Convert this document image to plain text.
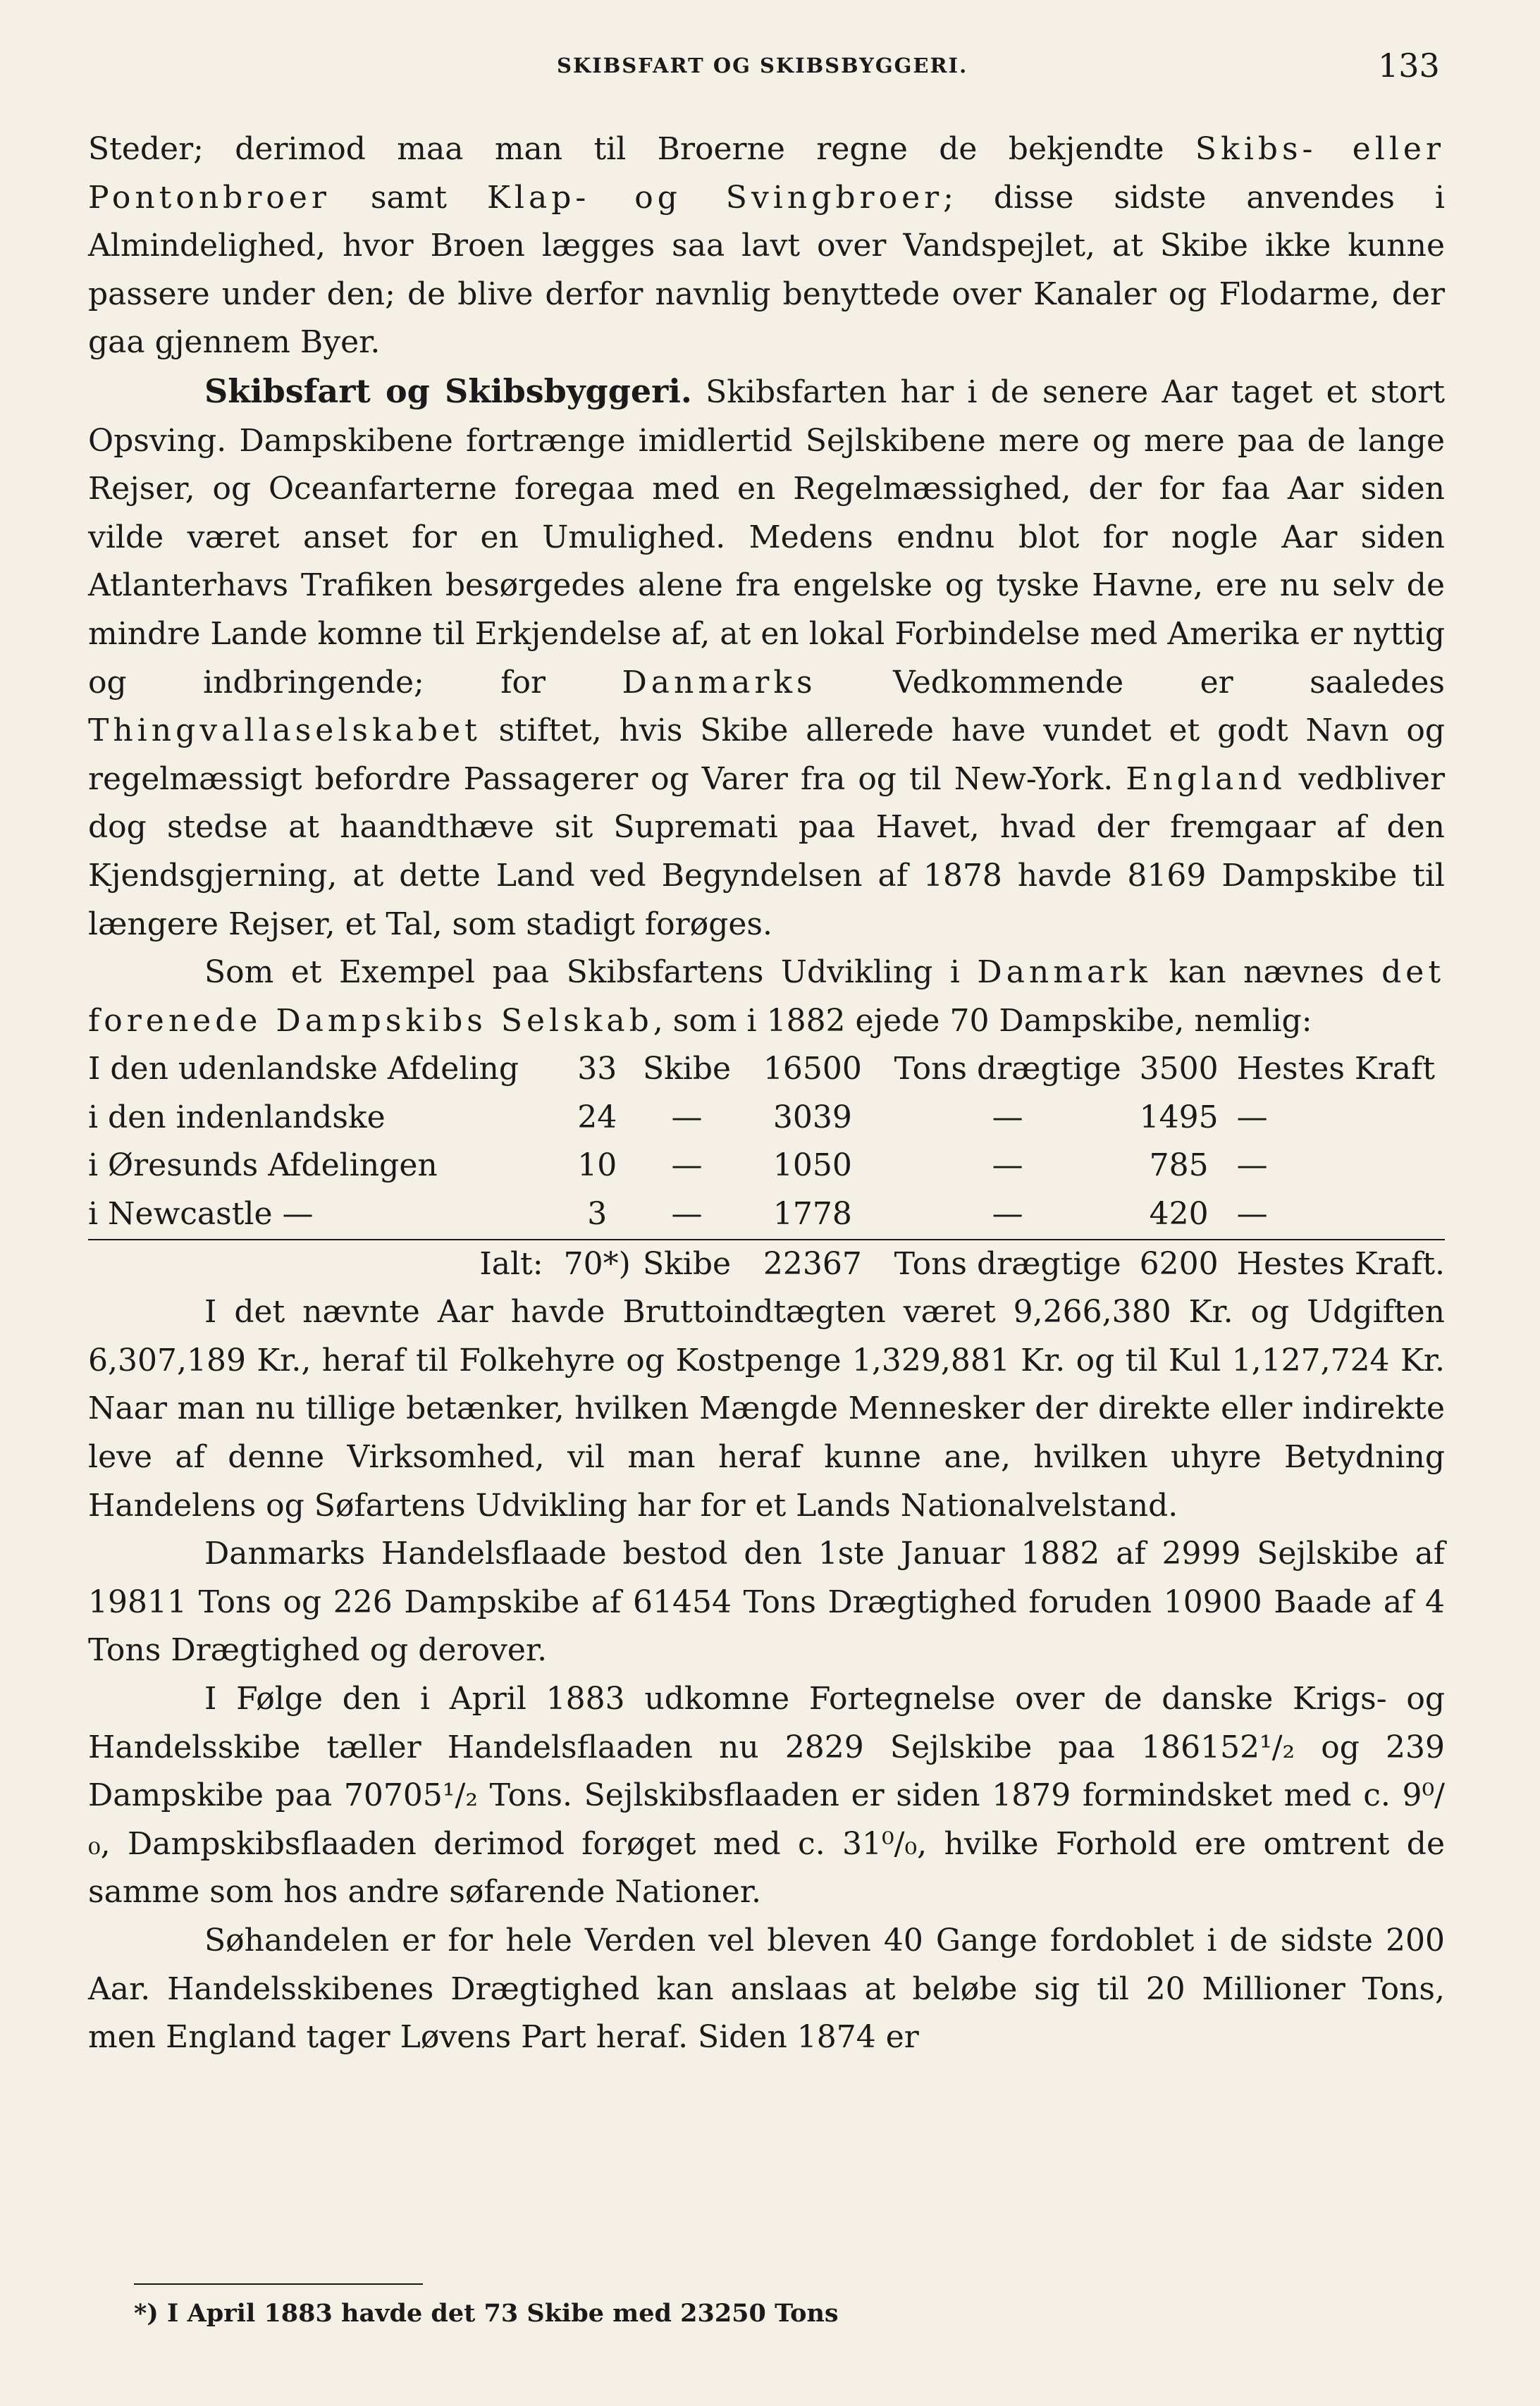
SKIBSFART OG SKIBSBYGGERI.	133

Steder; derimod maa man til Broerne regne de bekjendte Skibs- eller Pontonbroer samt Klap- og Svingbroer; disse sidste anvendes i Almindelighed, hvor Broen lægges saa lavt over Vandspejlet, at Skibe ikke kunne passere under den; de blive derfor navnlig benyttede over Kanaler og Flodarme, der gaa gjennem Byer.

Skibsfart og Skibsbyggeri. Skibsfarten har i de senere Aar taget et stort Opsving. Dampskibene fortrænge imidlertid Sejlskibene mere og mere paa de lange Rejser, og Oceanfarterne foregaa med en Regelmæssighed, der for faa Aar siden vilde været anset for en Umulighed. Medens endnu blot for nogle Aar siden Atlanterhavs Trafiken besørgedes alene fra engelske og tyske Havne, ere nu selv de mindre Lande komne til Erkjendelse af, at en lokal Forbindelse med Amerika er nyttig og indbringende; for Danmarks Vedkommende er saaledes Thingvallaselskabet stiftet, hvis Skibe allerede have vundet et godt Navn og regelmæssigt befordre Passagerer og Varer fra og til New-York. England vedbliver dog stedse at haandthæve sit Supremati paa Havet, hvad der fremgaar af den Kjendsgjerning, at dette Land ved Begyndelsen af 1878 havde 8169 Dampskibe til længere Rejser, et Tal, som stadigt forøges.

Som et Exempel paa Skibsfartens Udvikling i Danmark kan nævnes det forenede Dampskibs Selskab, som i 1882 ejede 70 Dampskibe, nemlig:

I den udenlandske Afdeling	33	Skibe	16500	Tons drægtige	3500	Hestes Kraft
i den indenlandske	24	—	3039	—	1495	—
i Øresunds Afdelingen	10	—	1050	—	785	—
i Newcastle —	3	—	1778	—	420	—
Ialt:	70*)	Skibe	22367	Tons drægtige	6200	Hestes Kraft.

I det nævnte Aar havde Bruttoindtægten været 9,266,380 Kr. og Udgiften 6,307,189 Kr., heraf til Folkehyre og Kostpenge 1,329,881 Kr. og til Kul 1,127,724 Kr. Naar man nu tillige betænker, hvilken Mængde Mennesker der direkte eller indirekte leve af denne Virksomhed, vil man heraf kunne ane, hvilken uhyre Betydning Handelens og Søfartens Udvikling har for et Lands Nationalvelstand.

Danmarks Handelsflaade bestod den 1ste Januar 1882 af 2999 Sejlskibe af 19811 Tons og 226 Dampskibe af 61454 Tons Drægtighed foruden 10900 Baade af 4 Tons Drægtighed og derover.

I Følge den i April 1883 udkomne Fortegnelse over de danske Krigs- og Handelsskibe tæller Handelsflaaden nu 2829 Sejlskibe paa 186152¹/₂ og 239 Dampskibe paa 70705¹/₂ Tons. Sejlskibsflaaden er siden 1879 formindsket med c. 9⁰/₀, Dampskibsflaaden derimod forøget med c. 31⁰/₀, hvilke Forhold ere omtrent de samme som hos andre søfarende Nationer.

Søhandelen er for hele Verden vel bleven 40 Gange fordoblet i de sidste 200 Aar. Handelsskibenes Drægtighed kan anslaas at beløbe sig til 20 Millioner Tons, men England tager Løvens Part heraf. Siden 1874 er

*) I April 1883 havde det 73 Skibe med 23250 Tons
